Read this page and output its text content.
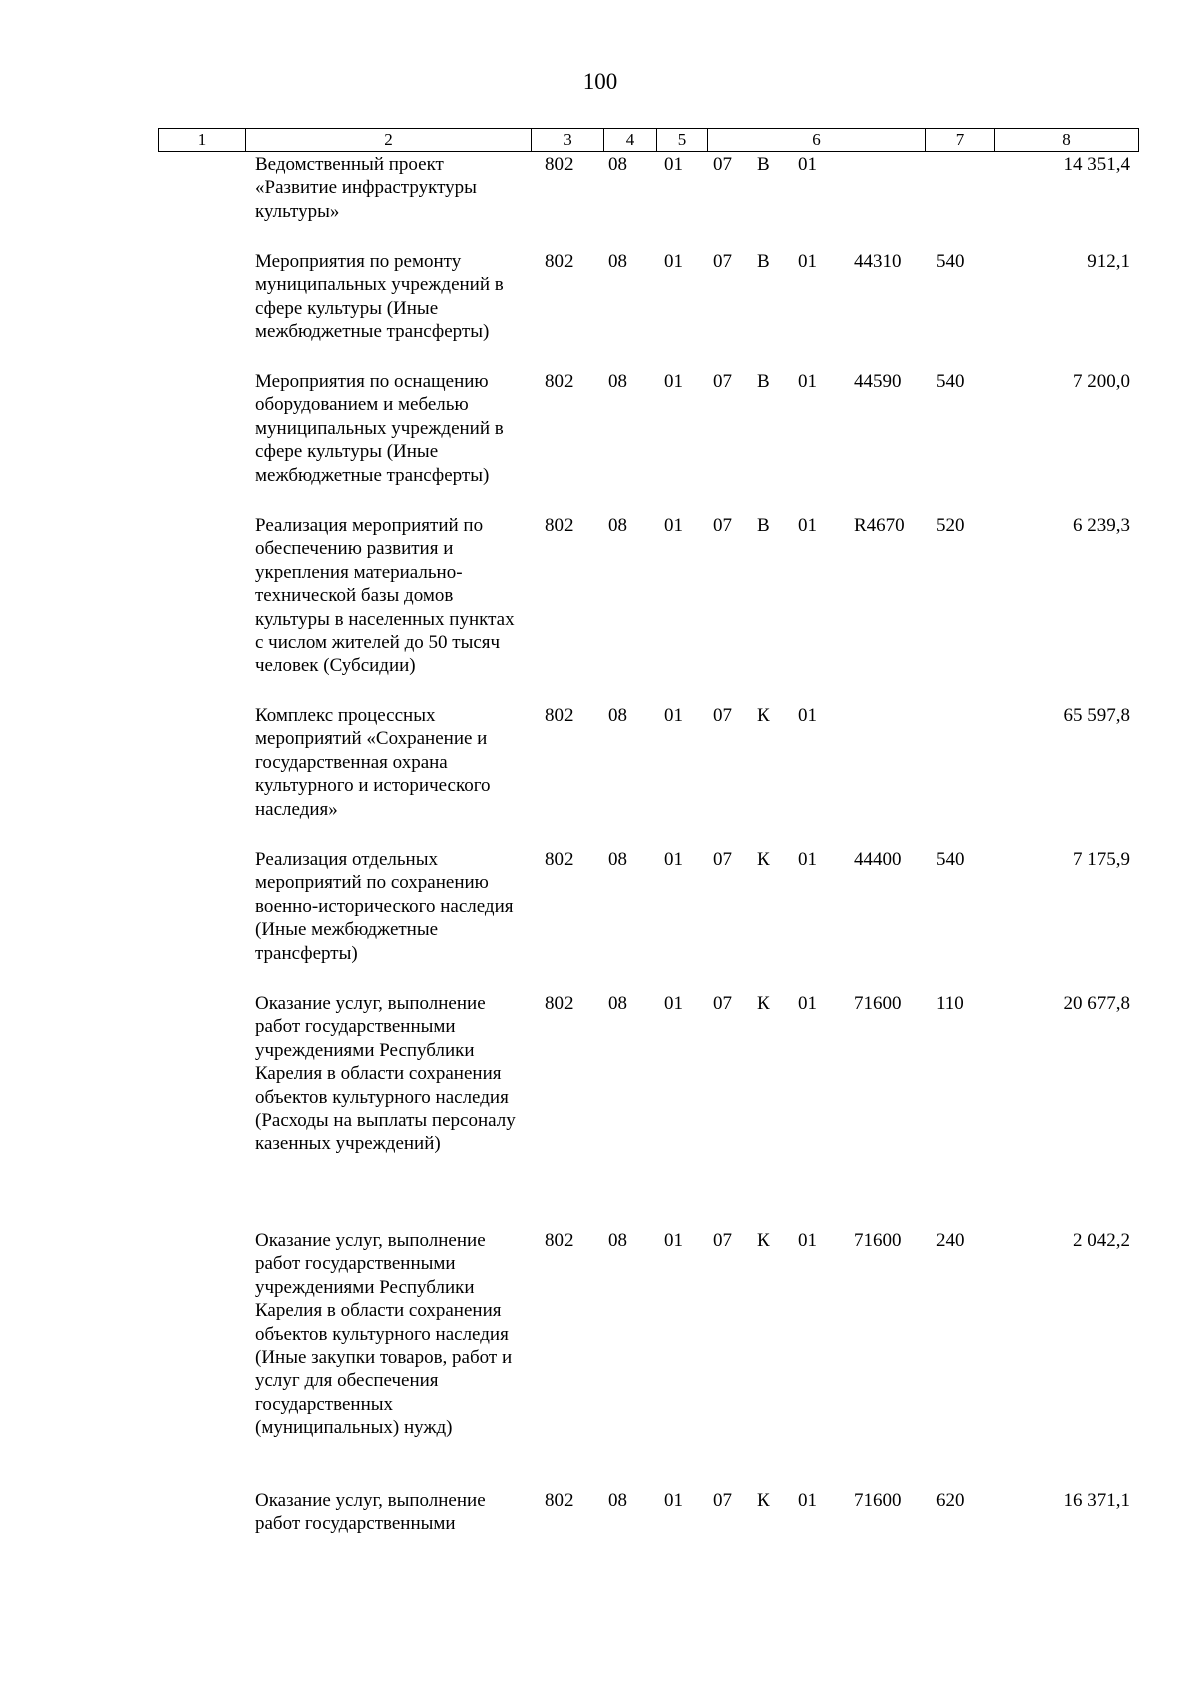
100
1	2	3	4	5	6	7	8
Ведомственный проект «Развитие инфраструктуры культуры»
802 08 01 07 В 01	14 351,4
Мероприятия по ремонту муниципальных учреждений в сфере культуры (Иные межбюджетные трансферты)
802 08 01 07 В 01 44310 540	912,1
Мероприятия по оснащению оборудованием и мебелью муниципальных учреждений в сфере культуры (Иные межбюджетные трансферты)
802 08 01 07 В 01 44590 540	7 200,0
Реализация мероприятий по обеспечению развития и укрепления материально-технической базы домов культуры в населенных пунктах с числом жителей до 50 тысяч человек (Субсидии)
802 08 01 07 В 01 R4670 520	6 239,3
Комплекс процессных мероприятий «Сохранение и государственная охрана культурного и исторического наследия»
802 08 01 07 К 01	65 597,8
Реализация отдельных мероприятий по сохранению военно-исторического наследия (Иные межбюджетные трансферты)
802 08 01 07 К 01 44400 540	7 175,9
Оказание услуг, выполнение работ государственными учреждениями Республики Карелия в области сохранения объектов культурного наследия (Расходы на выплаты персоналу казенных учреждений)
802 08 01 07 К 01 71600 110	20 677,8
Оказание услуг, выполнение работ государственными учреждениями Республики Карелия в области сохранения объектов культурного наследия (Иные закупки товаров, работ и услуг для обеспечения государственных (муниципальных) нужд)
802 08 01 07 К 01 71600 240	2 042,2
Оказание услуг, выполнение работ государственными
802 08 01 07 К 01 71600 620	16 371,1
